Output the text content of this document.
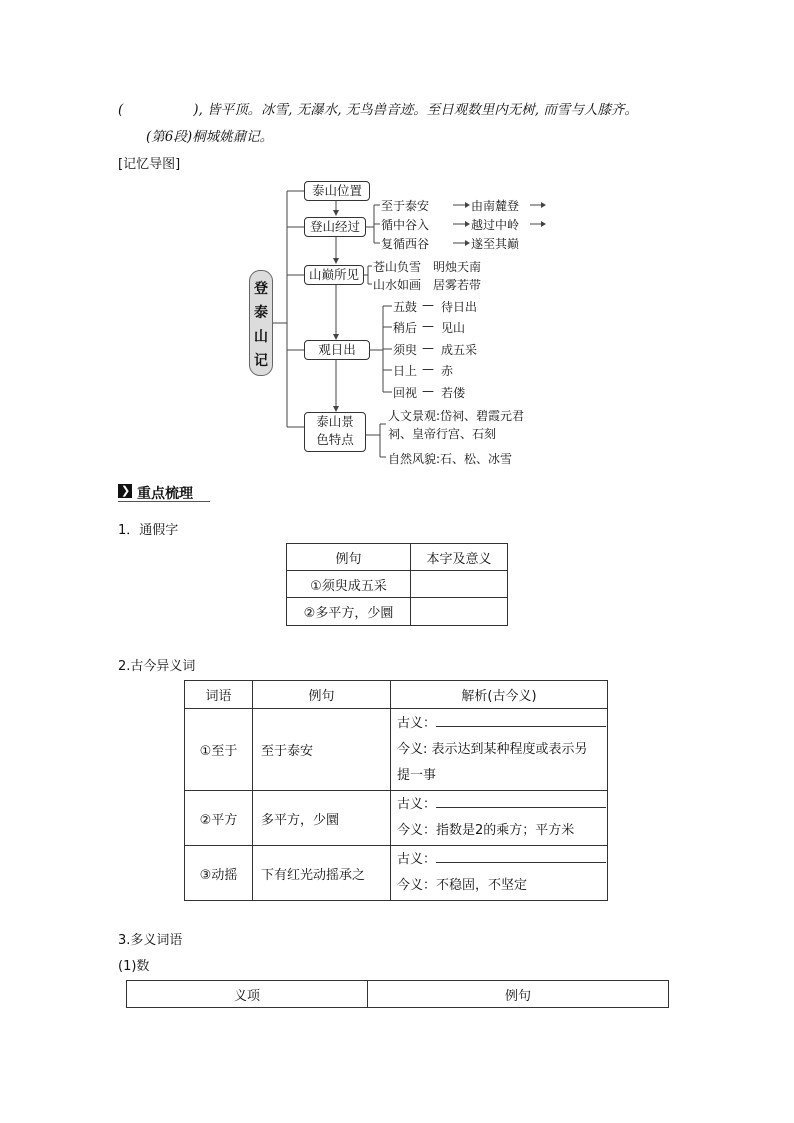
(	), 皆平顶。冰雪, 无瀑水, 无鸟兽音迹。至日观数里内无树, 而雪与人膝齐。
(第6段)桐城姚鼐记。
[记忆导图]
登
泰
山
记
泰山位置
登山经过
山巅所见
观日出
泰山景
色特点
至于泰安	由南麓登
循中谷入	越过中岭
复循西谷	遂至其巅
苍山负雪　明烛天南
山水如画　居雾若带
五鼓 — 待日出
稍后 — 见山
须臾 — 成五采
日上 — 赤
回视 — 若偻
人文景观:岱祠、碧霞元君
祠、皇帝行宫、石刻
自然风貌:石、松、冰雪
❯ 重点梳理
1．通假字
例句	本字及意义
①须臾成五采	
②多平方，少圜	
2.古今异义词
词语	例句	解析(古今义)
①至于	至于泰安	古义：
今义: 表示达到某种程度或表示另
提一事

②平方	多平方，少圜	古义：
今义：指数是2的乘方；平方米

③动摇	下有红光动摇承之	古义：
今义：不稳固，不坚定
3.多义词语
(1)数
义项	例句
